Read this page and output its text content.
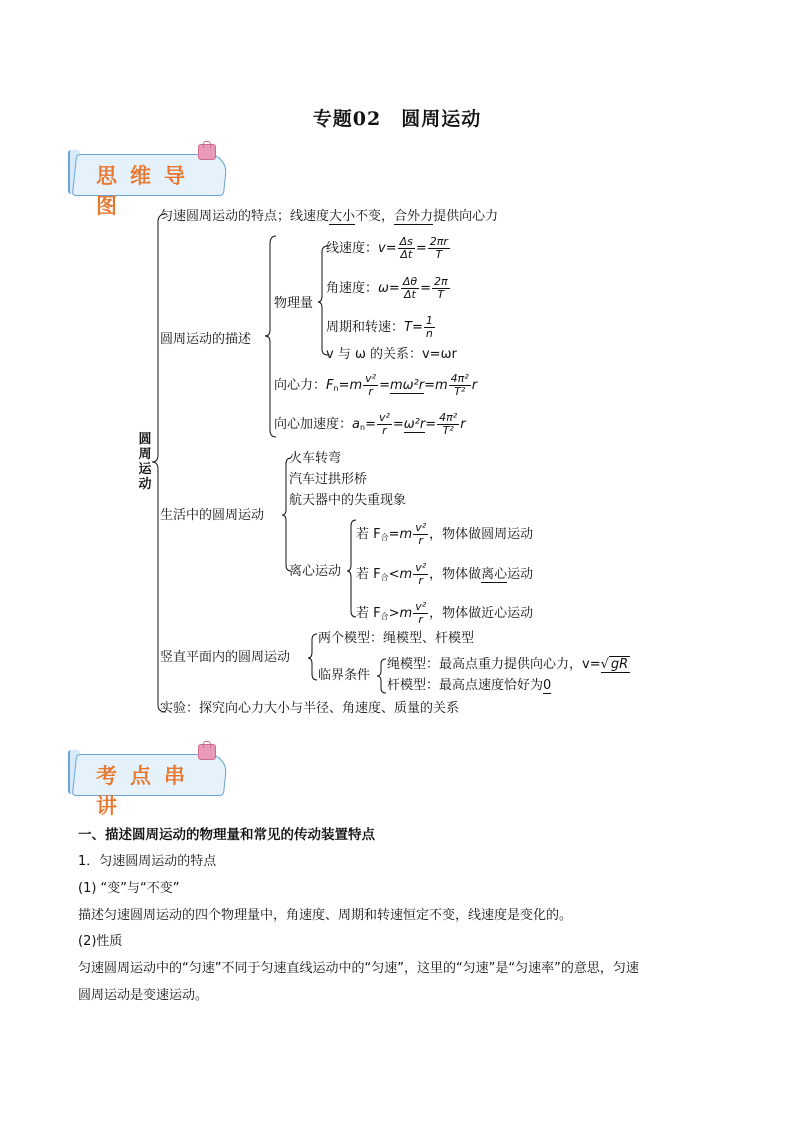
专题02　圆周运动
思维导图
圆周运动
匀速圆周运动的特点；线速度大小不变，合外力提供向心力
圆周运动的描述
物理量
线速度：$v= \frac{\Delta s}{\Delta t} = \frac{2\pi r}{T}$
角速度：$\omega= \frac{\Delta\theta}{\Delta t} = \frac{2\pi}{T}$
周期和转速：$T= \frac{1}{n}$
v 与 ω 的关系：v=ωr
向心力：$F_n=m \frac{\text{v²}}{r} =m\omega^2r=m \frac{\text{4π²}}{\text{T²}}$ r
向心加速度：$a_n= \frac{\text{v²}}{r} =\omega^2r= \frac{\text{4π²}}{\text{T²}}$ r
生活中的圆周运动
火车转弯
汽车过拱形桥
航天器中的失重现象
离心运动
若 $F_合=m \frac{\text{v²}}{r}$ ，物体做圆周运动
若 $F_合<m \frac{\text{v²}}{r}$ ，物体做离心运动
若 $F_合>m \frac{\text{v²}}{r}$ ，物体做近心运动
竖直平面内的圆周运动
两个模型：绳模型、杆模型
临界条件
绳模型：最高点重力提供向心力，v=√ gR
杆模型：最高点速度恰好为0
实验：探究向心力大小与半径、角速度、质量的关系
考点串讲
一、描述圆周运动的物理量和常见的传动装置特点
1．匀速圆周运动的特点
(1) “变”与“不变”
描述匀速圆周运动的四个物理量中，角速度、周期和转速恒定不变，线速度是变化的。
(2)性质
匀速圆周运动中的“匀速”不同于匀速直线运动中的“匀速”，这里的“匀速”是“匀速率”的意思，匀速
圆周运动是变速运动。
